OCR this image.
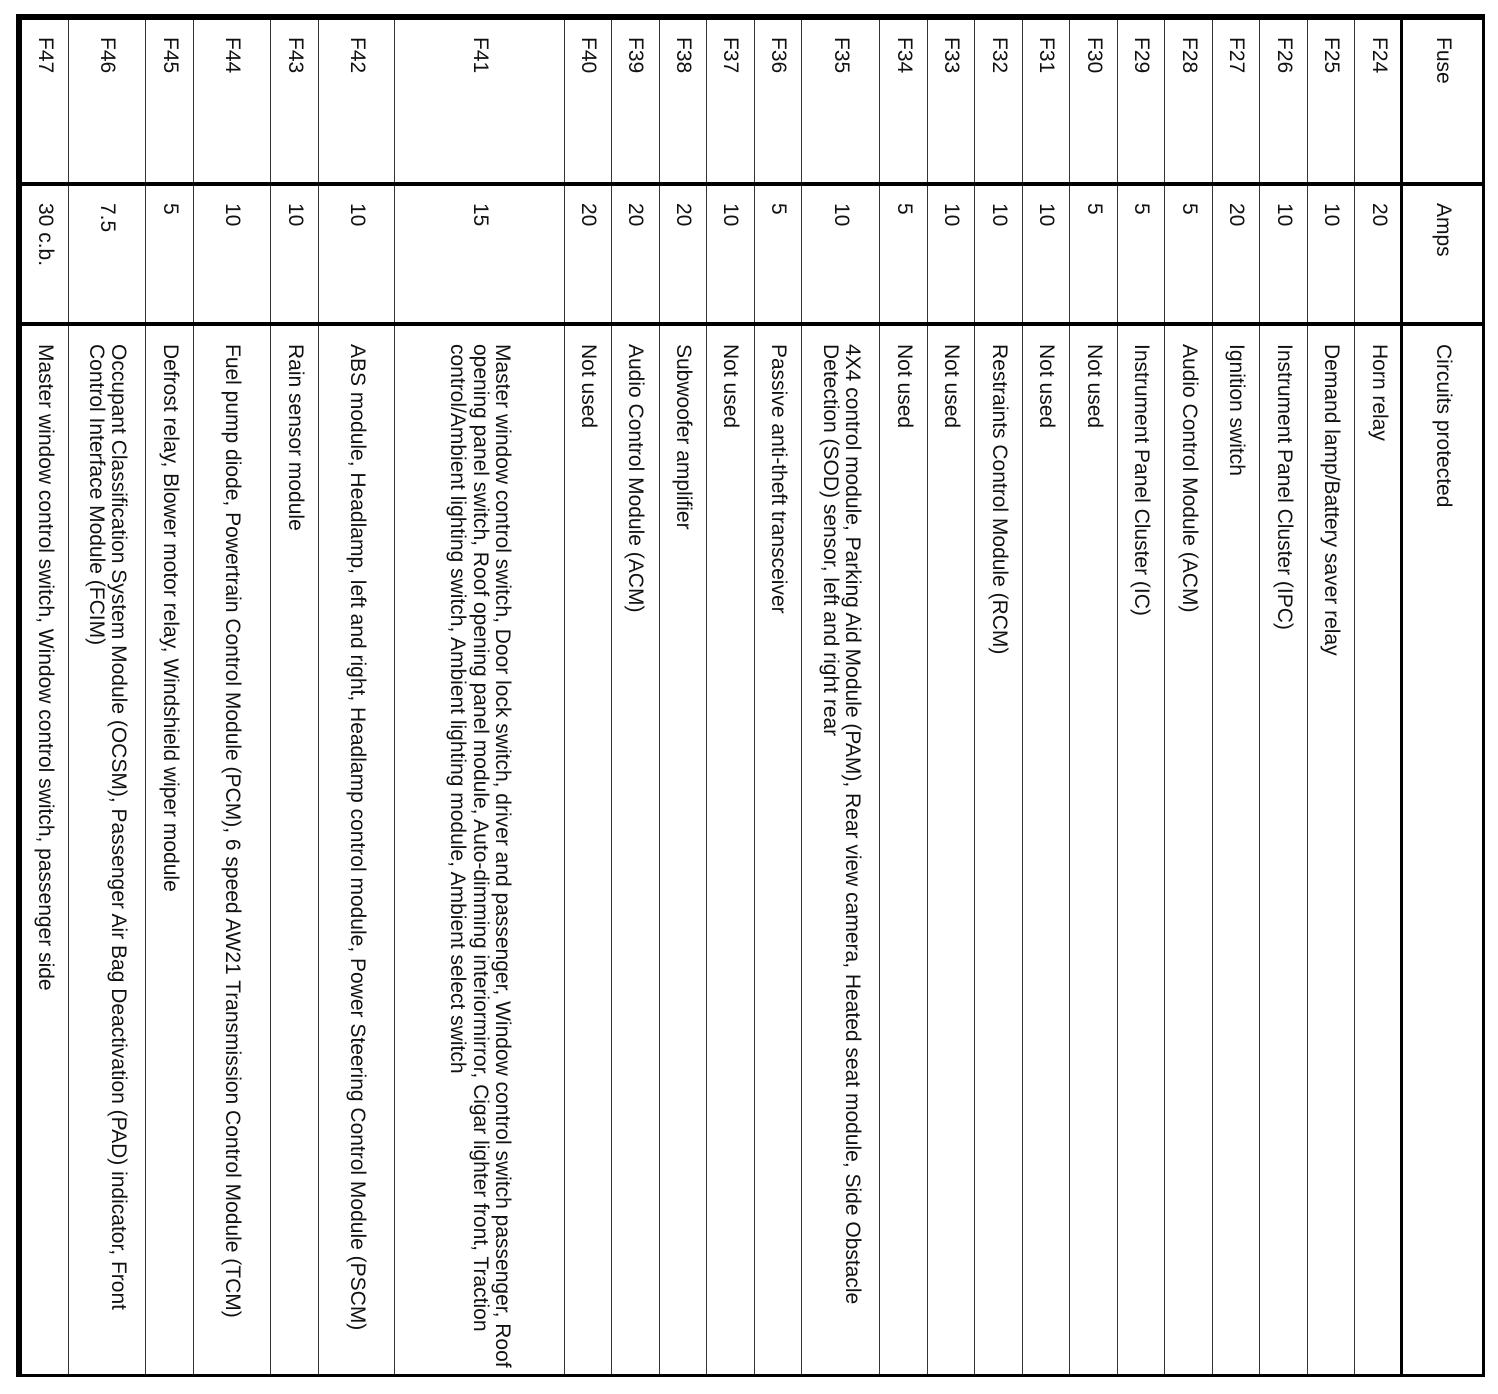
Fuse	Amps	Circuits protected
F24	20	Horn relay
F25	10	Demand lamp/Battery saver relay
F26	10	Instrument Panel Cluster (IPC)
F27	20	Ignition switch
F28	5	Audio Control Module (ACM)
F29	5	Instrument Panel Cluster (IC)
F30	5	Not used
F31	10	Not used
F32	10	Restraints Control Module (RCM)
F33	10	Not used
F34	5	Not used
F35	10	4X4 control module, Parking Aid Module (PAM), Rear view camera, Heated seat module, Side Obstacle Detection (SOD) sensor, left and right rear
F36	5	Passive anti-theft transceiver
F37	10	Not used
F38	20	Subwoofer amplifier
F39	20	Audio Control Module (ACM)
F40	20	Not used
F41	15	Master window control switch, Door lock switch, driver and passenger, Window control switch passenger, Roof opening panel switch, Roof opening panel module, Auto-dimming interiormirror, Cigar lighter front, Traction control/Ambient lighting switch, Ambient lighting module, Ambient select switch
F42	10	ABS module, Headlamp, left and right, Headlamp control module, Power Steering Control Module (PSCM)
F43	10	Rain sensor module
F44	10	Fuel pump diode, Powertrain Control Module (PCM), 6 speed AW21 Transmission Control Module (TCM)
F45	5	Defrost relay, Blower motor relay, Windshield wiper module
F46	7.5	Occupant Classification System Module (OCSM), Passenger Air Bag Deactivation (PAD) indicator, Front Control Interface Module (FCIM)
F47	30 c.b.	Master window control switch, Window control switch, passenger side
